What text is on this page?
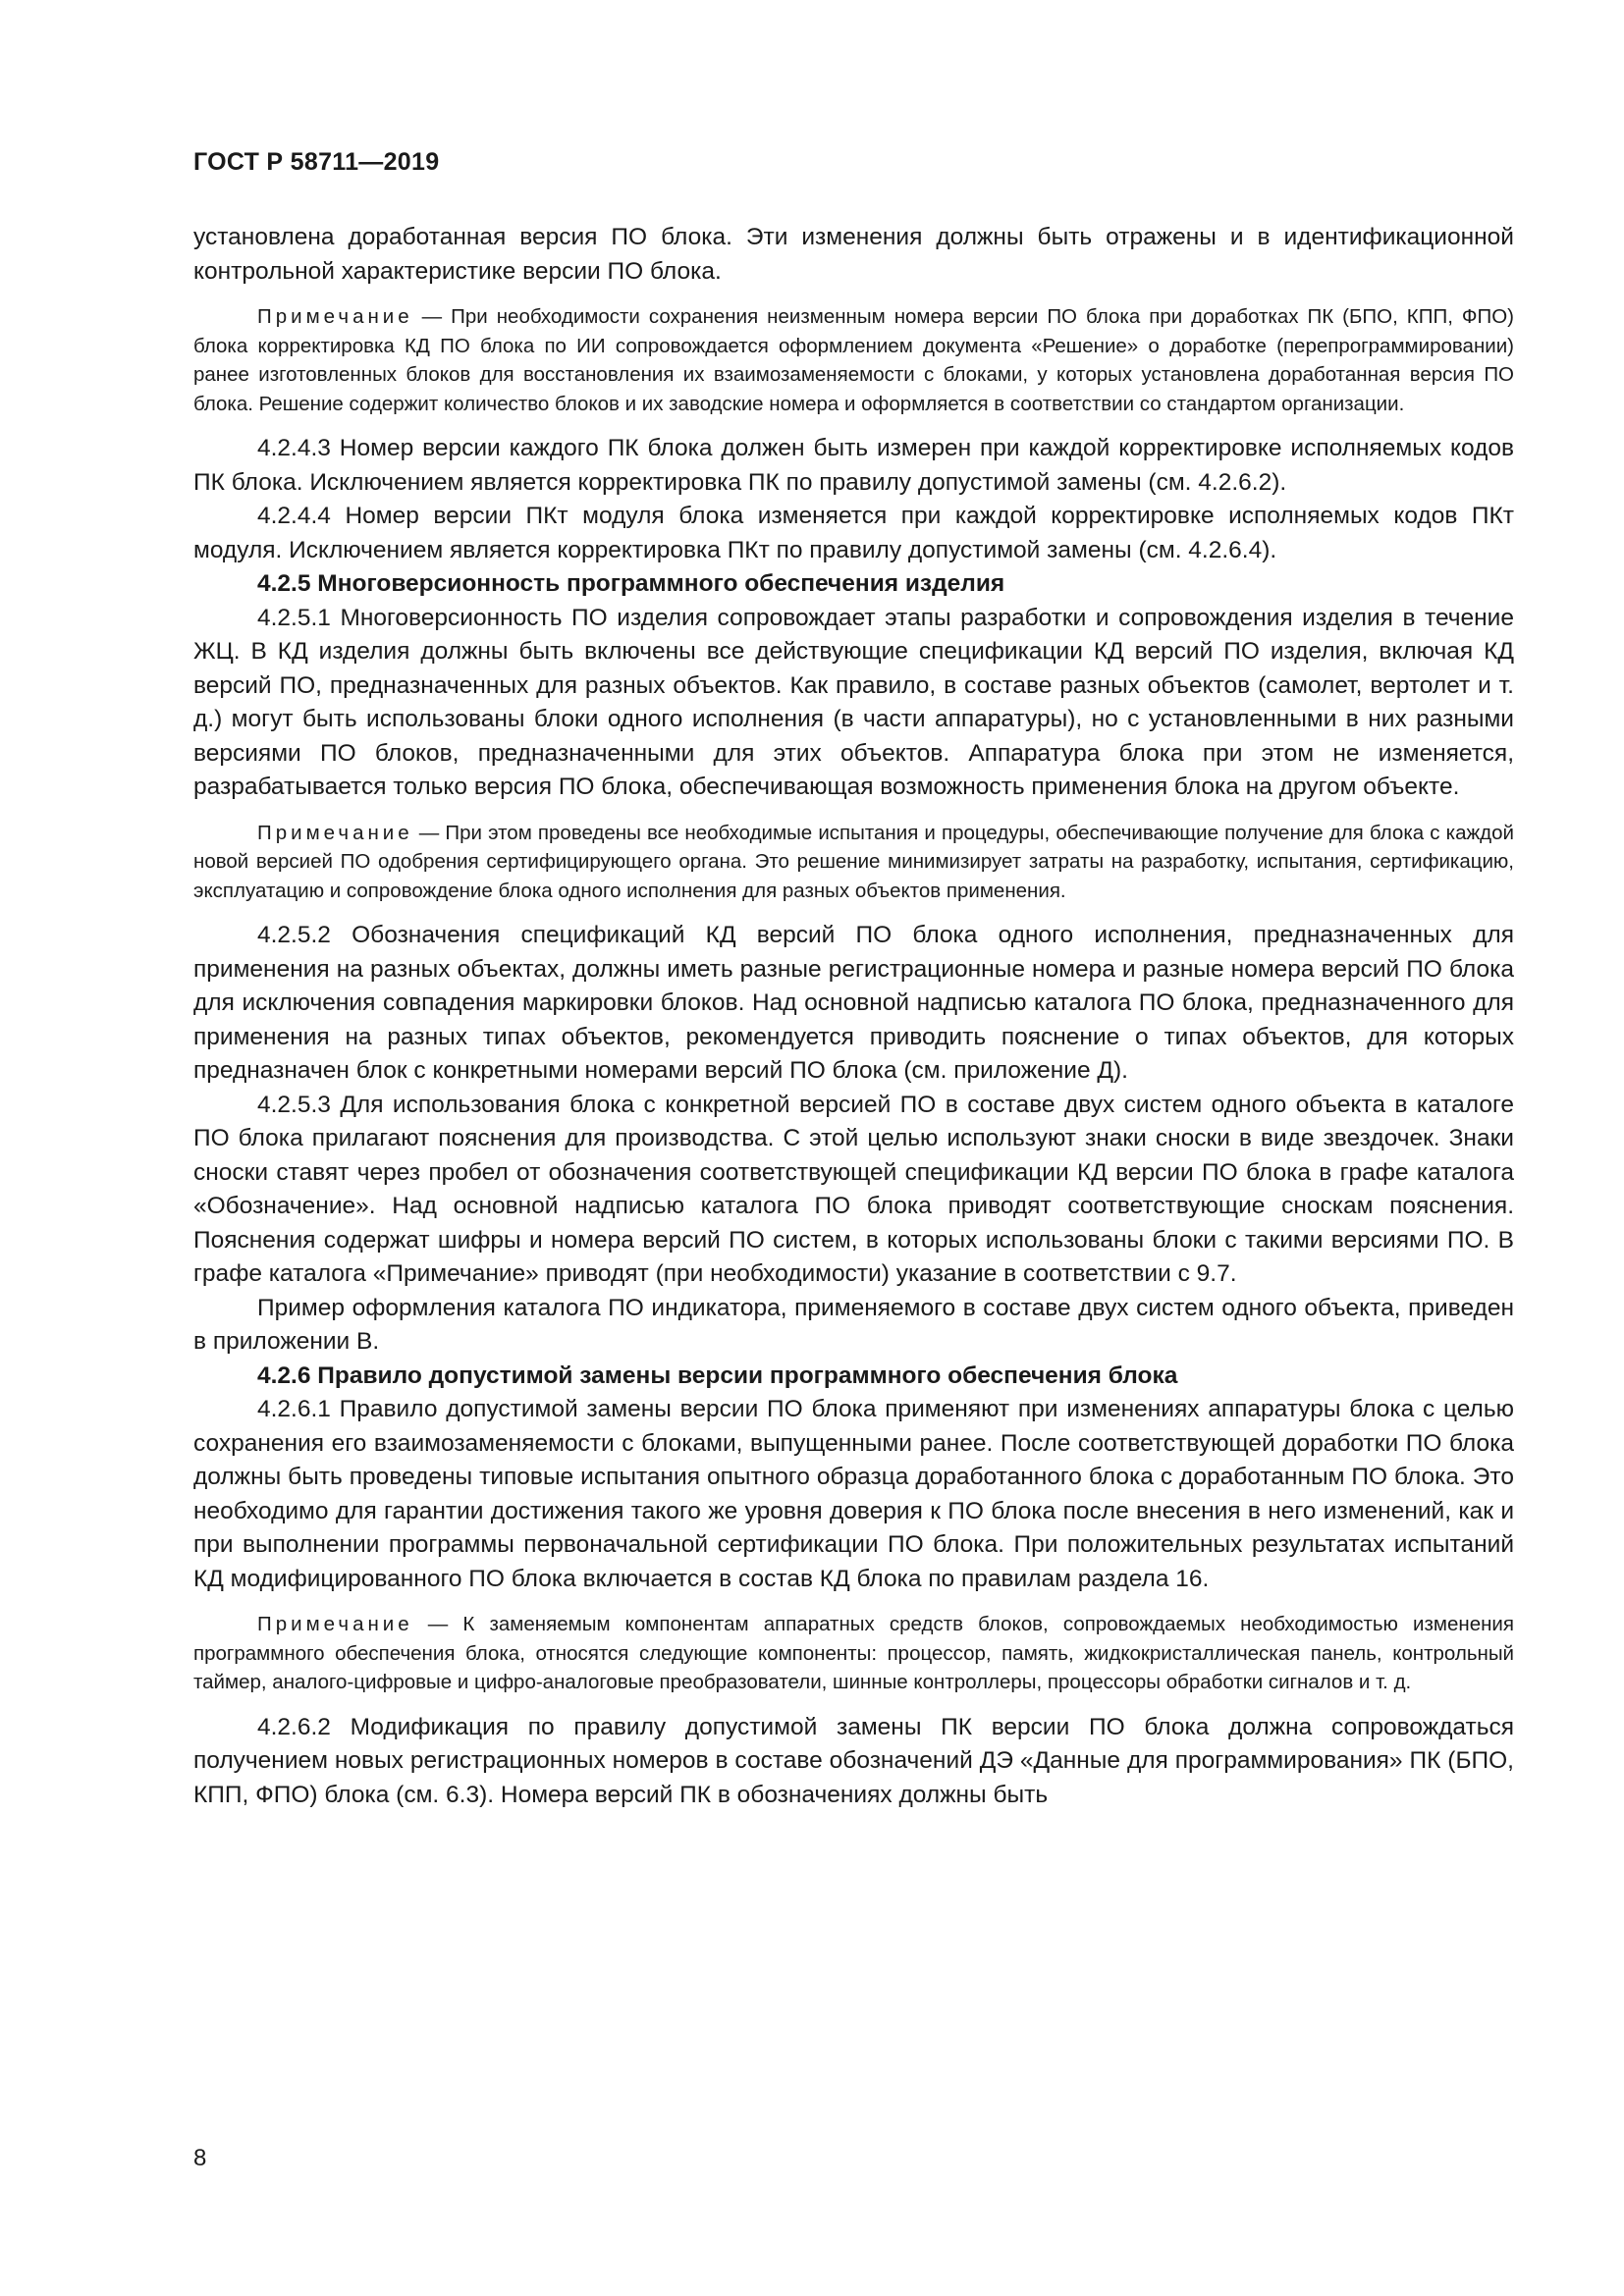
ГОСТ Р 58711—2019

установлена доработанная версия ПО блока. Эти изменения должны быть отражены и в идентификационной контрольной характеристике версии ПО блока.

Примечание — При необходимости сохранения неизменным номера версии ПО блока при доработках ПК (БПО, КПП, ФПО) блока корректировка КД ПО блока по ИИ сопровождается оформлением документа «Решение» о доработке (перепрограммировании) ранее изготовленных блоков для восстановления их взаимозаменяемости с блоками, у которых установлена доработанная версия ПО блока. Решение содержит количество блоков и их заводские номера и оформляется в соответствии со стандартом организации.

4.2.4.3 Номер версии каждого ПК блока должен быть измерен при каждой корректировке исполняемых кодов ПК блока. Исключением является корректировка ПК по правилу допустимой замены (см. 4.2.6.2).

4.2.4.4 Номер версии ПКт модуля блока изменяется при каждой корректировке исполняемых кодов ПКт модуля. Исключением является корректировка ПКт по правилу допустимой замены (см. 4.2.6.4).

4.2.5 Многоверсионность программного обеспечения изделия

4.2.5.1 Многоверсионность ПО изделия сопровождает этапы разработки и сопровождения изделия в течение ЖЦ. В КД изделия должны быть включены все действующие спецификации КД версий ПО изделия, включая КД версий ПО, предназначенных для разных объектов. Как правило, в составе разных объектов (самолет, вертолет и т. д.) могут быть использованы блоки одного исполнения (в части аппаратуры), но с установленными в них разными версиями ПО блоков, предназначенными для этих объектов. Аппаратура блока при этом не изменяется, разрабатывается только версия ПО блока, обеспечивающая возможность применения блока на другом объекте.

Примечание — При этом проведены все необходимые испытания и процедуры, обеспечивающие получение для блока с каждой новой версией ПО одобрения сертифицирующего органа. Это решение минимизирует затраты на разработку, испытания, сертификацию, эксплуатацию и сопровождение блока одного исполнения для разных объектов применения.

4.2.5.2 Обозначения спецификаций КД версий ПО блока одного исполнения, предназначенных для применения на разных объектах, должны иметь разные регистрационные номера и разные номера версий ПО блока для исключения совпадения маркировки блоков. Над основной надписью каталога ПО блока, предназначенного для применения на разных типах объектов, рекомендуется приводить пояснение о типах объектов, для которых предназначен блок с конкретными номерами версий ПО блока (см. приложение Д).

4.2.5.3 Для использования блока с конкретной версией ПО в составе двух систем одного объекта в каталоге ПО блока прилагают пояснения для производства. С этой целью используют знаки сноски в виде звездочек. Знаки сноски ставят через пробел от обозначения соответствующей спецификации КД версии ПО блока в графе каталога «Обозначение». Над основной надписью каталога ПО блока приводят соответствующие сноскам пояснения. Пояснения содержат шифры и номера версий ПО систем, в которых использованы блоки с такими версиями ПО. В графе каталога «Примечание» приводят (при необходимости) указание в соответствии с 9.7.

Пример оформления каталога ПО индикатора, применяемого в составе двух систем одного объекта, приведен в приложении В.

4.2.6 Правило допустимой замены версии программного обеспечения блока

4.2.6.1 Правило допустимой замены версии ПО блока применяют при изменениях аппаратуры блока с целью сохранения его взаимозаменяемости с блоками, выпущенными ранее. После соответствующей доработки ПО блока должны быть проведены типовые испытания опытного образца доработанного блока с доработанным ПО блока. Это необходимо для гарантии достижения такого же уровня доверия к ПО блока после внесения в него изменений, как и при выполнении программы первоначальной сертификации ПО блока. При положительных результатах испытаний КД модифицированного ПО блока включается в состав КД блока по правилам раздела 16.

Примечание — К заменяемым компонентам аппаратных средств блоков, сопровождаемых необходимостью изменения программного обеспечения блока, относятся следующие компоненты: процессор, память, жидкокристаллическая панель, контрольный таймер, аналого-цифровые и цифро-аналоговые преобразователи, шинные контроллеры, процессоры обработки сигналов и т. д.

4.2.6.2 Модификация по правилу допустимой замены ПК версии ПО блока должна сопровождаться получением новых регистрационных номеров в составе обозначений ДЭ «Данные для программирования» ПК (БПО, КПП, ФПО) блока (см. 6.3). Номера версий ПК в обозначениях должны быть

8
